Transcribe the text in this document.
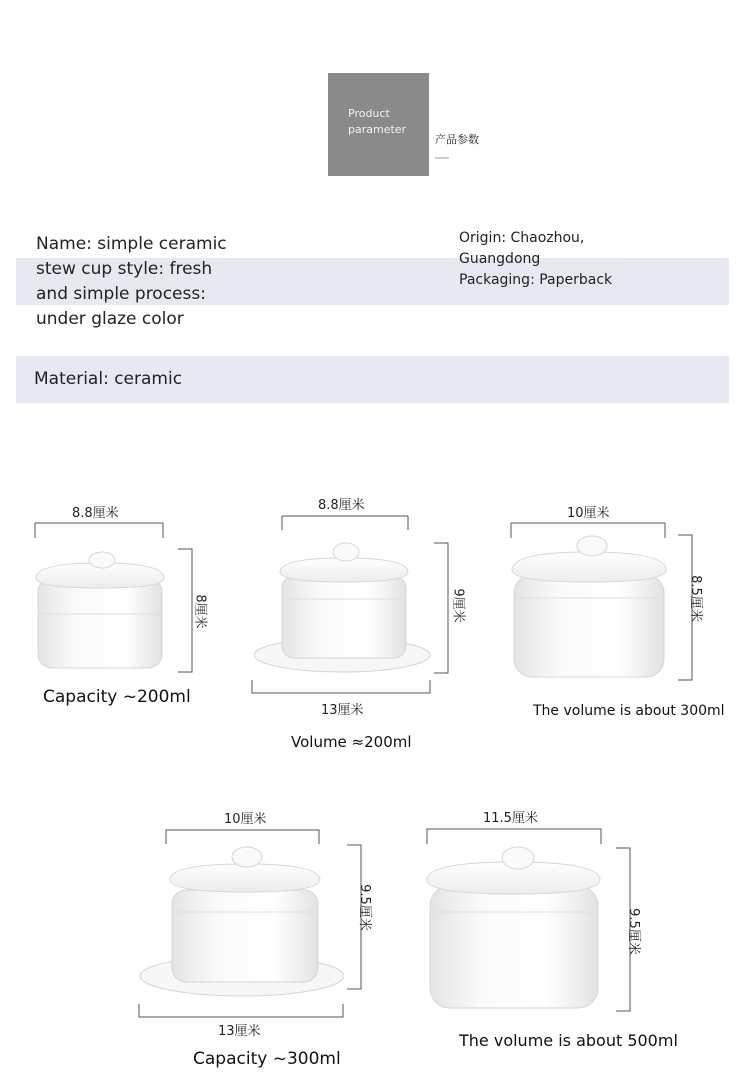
Product
parameter
产品参数
Name: simple ceramic stew cup style: fresh and simple process: under glaze color
Origin: Chaozhou, Guangdong
Packaging: Paperback
Material: ceramic
8.8厘米
8厘米
Capacity ~200ml
8.8厘米
9厘米
13厘米
Volume ≈200ml
10厘米
8.5厘米
The volume is about 300ml
10厘米
9.5厘米
13厘米
Capacity ~300ml
11.5厘米
9.5厘米
The volume is about 500ml
